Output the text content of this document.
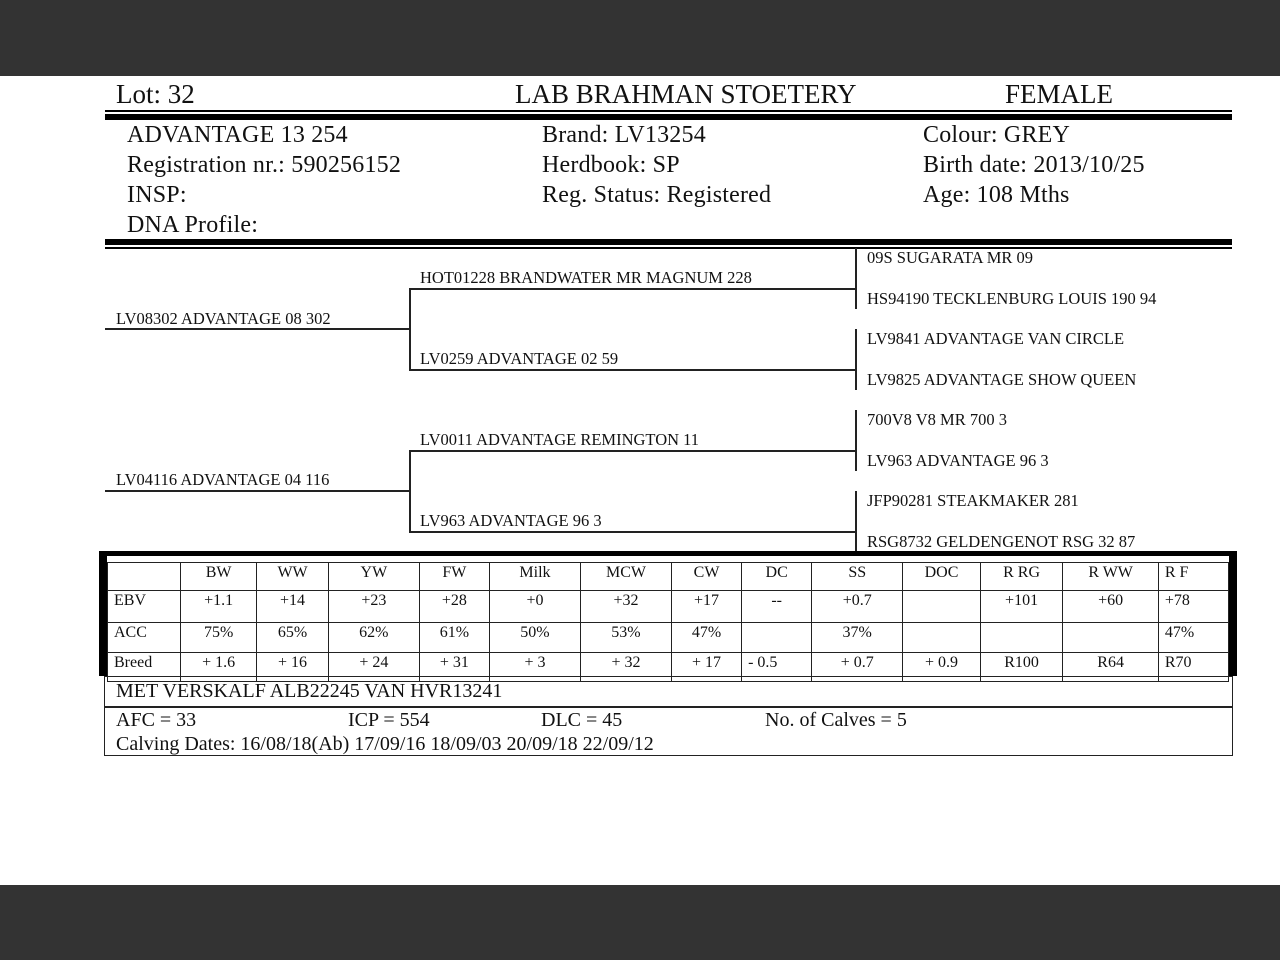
Lot: 32	LAB BRAHMAN STOETERY	FEMALE
ADVANTAGE 13 254
Registration nr.: 590256152
INSP:
DNA Profile:
Brand: LV13254
Herdbook: SP
Reg. Status: Registered
Colour: GREY
Birth date: 2013/10/25
Age: 108 Mths
LV08302 ADVANTAGE 08 302
LV04116 ADVANTAGE 04 116
HOT01228 BRANDWATER MR MAGNUM 228
LV0259 ADVANTAGE 02 59
LV0011 ADVANTAGE REMINGTON 11
LV963 ADVANTAGE 96 3
09S SUGARATA MR 09
HS94190 TECKLENBURG LOUIS 190 94
LV9841 ADVANTAGE VAN CIRCLE
LV9825 ADVANTAGE SHOW QUEEN
700V8 V8 MR 700 3
LV963 ADVANTAGE 96 3
JFP90281 STEAKMAKER 281
RSG8732 GELDENGENOT RSG 32 87
	BW	WW	YW	FW	Milk	MCW	CW	DC	SS	DOC	R RG	R WW	R F
EBV	+1.1	+14	+23	+28	+0	+32	+17	--	+0.7		+101	+60	+78
ACC	75%	65%	62%	61%	50%	53%	47%		37%				47%
Breed	+ 1.6	+ 16	+ 24	+ 31	+ 3	+ 32	+ 17	- 0.5	+ 0.7	+ 0.9	R100	R64	R70
MET VERSKALF ALB22245 VAN HVR13241
AFC = 33	ICP = 554	DLC = 45	No. of Calves = 5
Calving Dates: 16/08/18(Ab) 17/09/16 18/09/03 20/09/18 22/09/12
